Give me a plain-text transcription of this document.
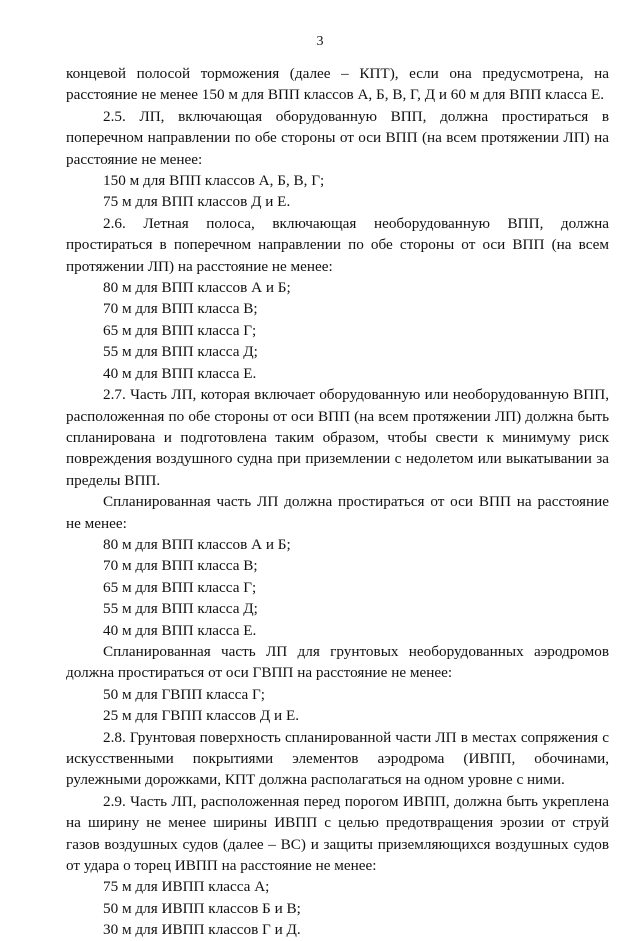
3

концевой полосой торможения (далее – КПТ), если она предусмотрена, на расстояние не менее 150 м для ВПП классов А, Б, В, Г, Д и 60 м для ВПП класса Е.

2.5. ЛП, включающая оборудованную ВПП, должна простираться в поперечном направлении по обе стороны от оси ВПП (на всем протяжении ЛП) на расстояние не менее:

150 м для ВПП классов А, Б, В, Г;

75 м для ВПП классов Д и Е.

2.6. Летная полоса, включающая необорудованную ВПП, должна простираться в поперечном направлении по обе стороны от оси ВПП (на всем протяжении ЛП) на расстояние не менее:

80 м для ВПП классов А и Б;

70 м для ВПП класса В;

65 м для ВПП класса Г;

55 м для ВПП класса Д;

40 м для ВПП класса Е.

2.7. Часть ЛП, которая включает оборудованную или необорудованную ВПП, расположенная по обе стороны от оси ВПП (на всем протяжении ЛП) должна быть спланирована и подготовлена таким образом, чтобы свести к минимуму риск повреждения воздушного судна при приземлении с недолетом или выкатывании за пределы ВПП.

Спланированная часть ЛП должна простираться от оси ВПП на расстояние не менее:

80 м для ВПП классов А и Б;

70 м для ВПП класса В;

65 м для ВПП класса Г;

55 м для ВПП класса Д;

40 м для ВПП класса Е.

Спланированная часть ЛП для грунтовых необорудованных аэродромов должна простираться от оси ГВПП на расстояние не менее:

50 м для ГВПП класса Г;

25 м для ГВПП классов Д и Е.

2.8. Грунтовая поверхность спланированной части ЛП в местах сопряжения с искусственными покрытиями элементов аэродрома (ИВПП, обочинами, рулежными дорожками, КПТ должна располагаться на одном уровне с ними.

2.9. Часть ЛП, расположенная перед порогом ИВПП, должна быть укреплена на ширину не менее ширины ИВПП с целью предотвращения эрозии от струй газов воздушных судов (далее – ВС) и защиты приземляющихся воздушных судов от удара о торец ИВПП на расстояние не менее:

75 м для ИВПП класса А;

50 м для ИВПП классов Б и В;

30 м для ИВПП классов Г и Д.
